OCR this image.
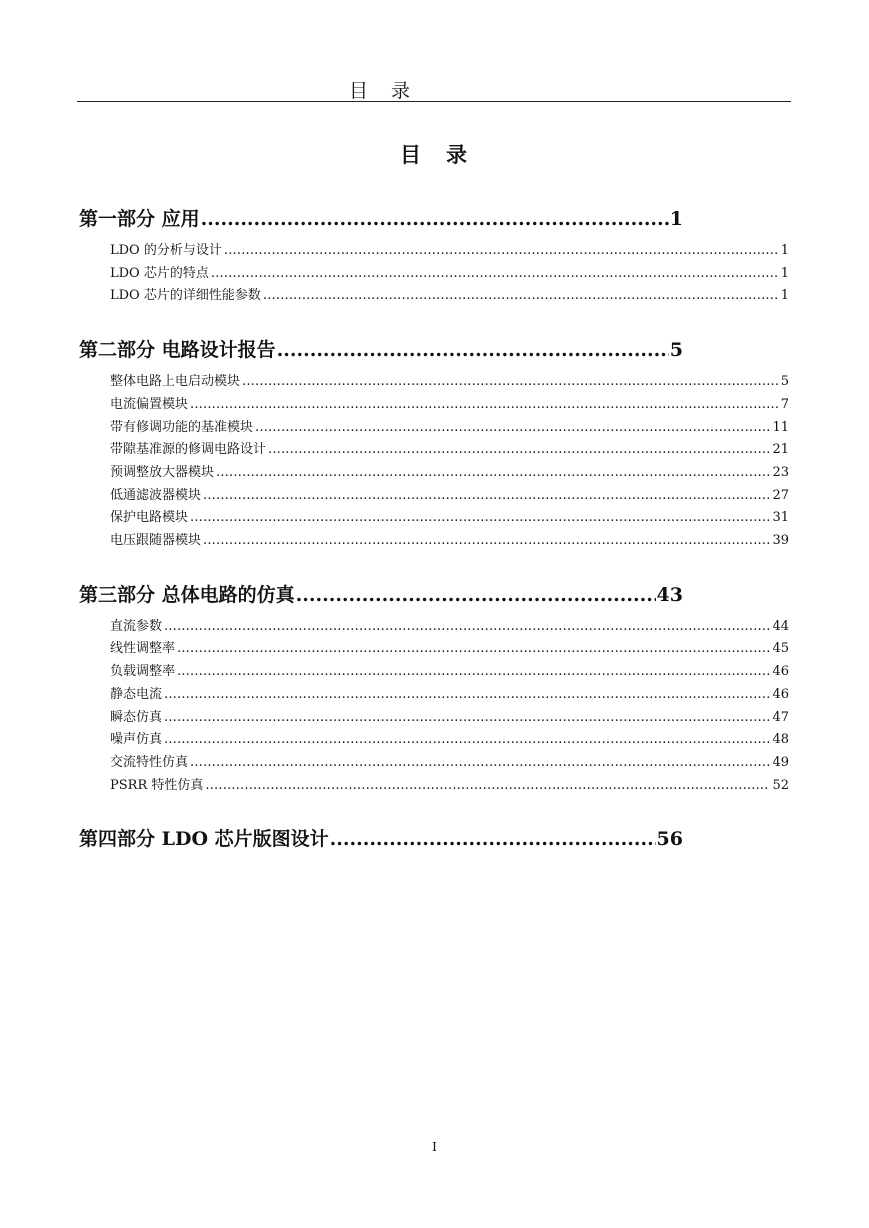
目　录
目　录
第一部分 应用 .....	1
LDO 的分析与设计 .....	1
LDO 芯片的特点 .....	1
LDO 芯片的详细性能参数 .....	1
第二部分 电路设计报告 .....	5
整体电路上电启动模块 .....	5
电流偏置模块 .....	7
带有修调功能的基准模块 .....	11
带隙基准源的修调电路设计 .....	21
预调整放大器模块 .....	23
低通滤波器模块 .....	27
保护电路模块 .....	31
电压跟随器模块 .....	39
第三部分 总体电路的仿真 .....	43
直流参数 .....	44
线性调整率 .....	45
负载调整率 .....	46
静态电流 .....	46
瞬态仿真 .....	47
噪声仿真 .....	48
交流特性仿真 .....	49
PSRR 特性仿真 .....	52
第四部分 LDO 芯片版图设计 .....	56
I
